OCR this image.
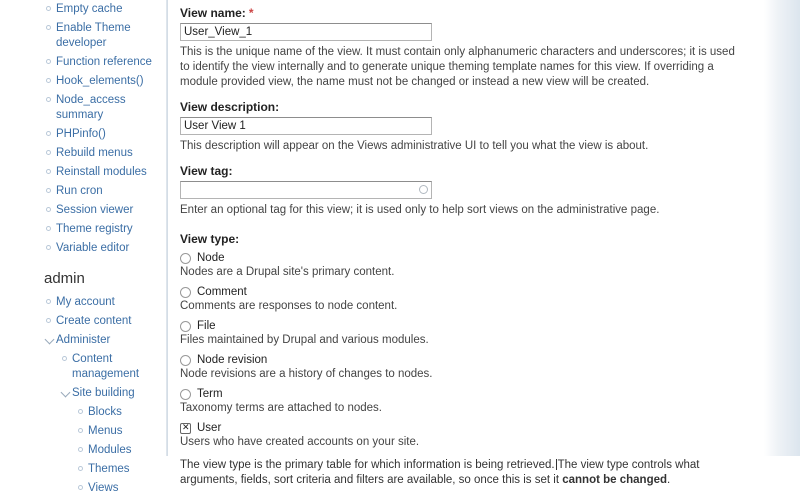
Empty cache
Enable Theme developer
Function reference
Hook_elements()
Node_access summary
PHPinfo()
Rebuild menus
Reinstall modules
Run cron
Session viewer
Theme registry
Variable editor
admin
My account
Create content
Administer
Content management
Site building
Blocks
Menus
Modules
Themes
Views
View name: *
User_View_1
This is the unique name of the view. It must contain only alphanumeric characters and underscores; it is used to identify the view internally and to generate unique theming template names for this view. If overriding a module provided view, the name must not be changed or instead a new view will be created.
View description:
User View 1
This description will appear on the Views administrative UI to tell you what the view is about.
View tag:
Enter an optional tag for this view; it is used only to help sort views on the administrative page.
View type:
Node
Nodes are a Drupal site's primary content.
Comment
Comments are responses to node content.
File
Files maintained by Drupal and various modules.
Node revision
Node revisions are a history of changes to nodes.
Term
Taxonomy terms are attached to nodes.
✕
User
Users who have created accounts on your site.
The view type is the primary table for which information is being retrieved. The view type controls what arguments, fields, sort criteria and filters are available, so once this is set it cannot be changed.
